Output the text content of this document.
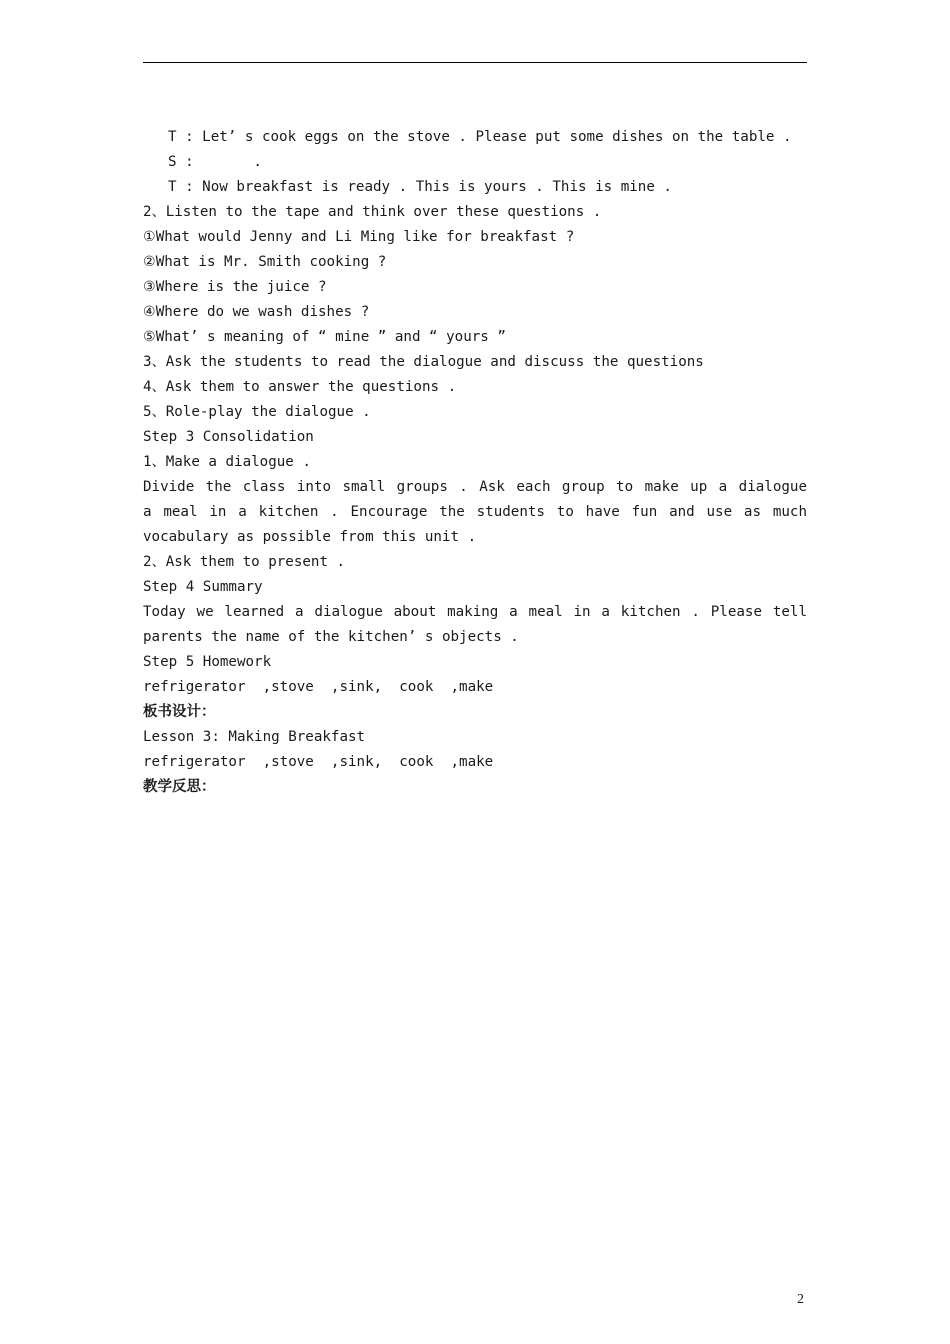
T : Let’ s cook eggs on the stove . Please put some dishes on the table .
S :       .
T : Now breakfast is ready . This is yours . This is mine .
2、Listen to the tape and think over these questions .
①What would Jenny and Li Ming like for breakfast ?
②What is Mr. Smith cooking ?
③Where is the juice ?
④Where do we wash dishes ?
⑤What’ s meaning of “ mine ” and “ yours ”
3、Ask the students to read the dialogue and discuss the questions
4、Ask them to answer the questions .
5、Role-play the dialogue .
Step 3 Consolidation
1、Make a dialogue .
Divide the class into small groups . Ask each group to make up a dialogue
a meal in a kitchen . Encourage the students to have fun and use as much
vocabulary as possible from this unit .
2、Ask them to present .
Step 4 Summary
Today we learned a dialogue about making a meal in a kitchen . Please tell
parents the name of the kitchen’ s objects .
Step 5 Homework
refrigerator  ,stove  ,sink,  cook  ,make
板书设计：
Lesson 3: Making Breakfast
refrigerator  ,stove  ,sink,  cook  ,make
教学反思：
2
